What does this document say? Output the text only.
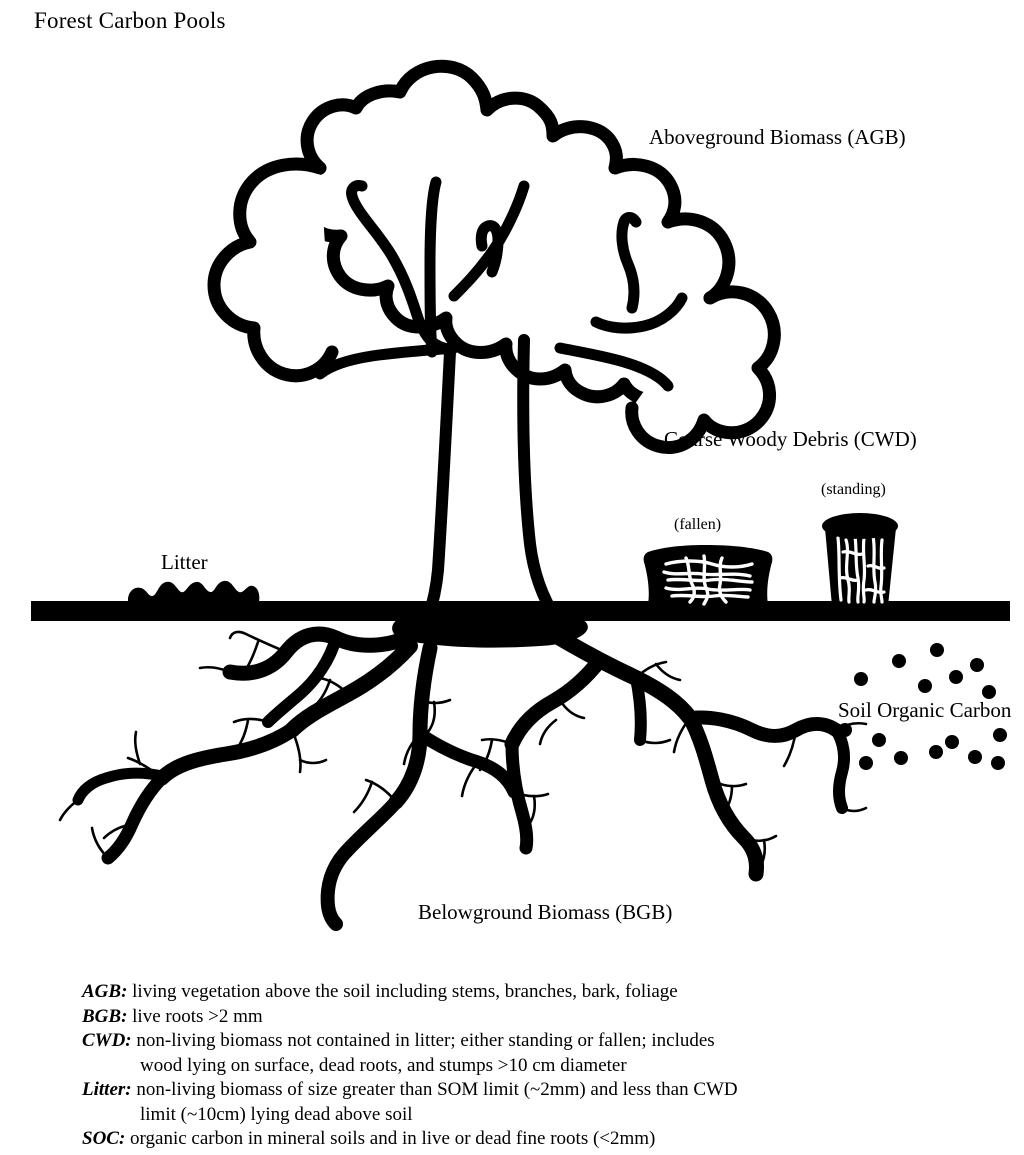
Forest Carbon Pools
Aboveground Biomass (AGB)
Coarse Woody Debris (CWD)
(standing)
(fallen)
Litter
Soil Organic Carbon
Belowground Biomass (BGB)
AGB: living vegetation above the soil including stems, branches, bark, foliage
BGB: live roots >2 mm
CWD: non-living biomass not contained in litter; either standing or fallen; includes
wood lying on surface, dead roots, and stumps >10 cm diameter
Litter: non-living biomass of size greater than SOM limit (~2mm) and less than CWD
limit (~10cm) lying dead above soil
SOC: organic carbon in mineral soils and in live or dead fine roots (<2mm)
